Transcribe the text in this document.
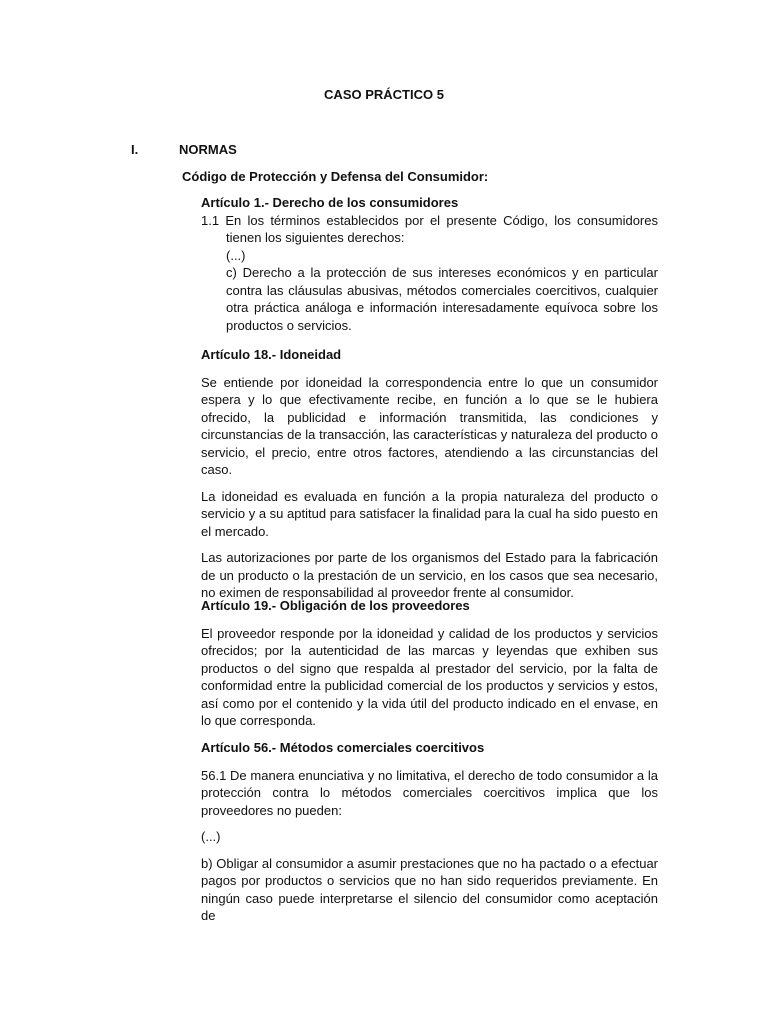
CASO PRÁCTICO 5
I.	NORMAS
Código de Protección y Defensa del Consumidor:
Artículo 1.- Derecho de los consumidores
1.1 En los términos establecidos por el presente Código, los consumidores tienen los siguientes derechos:
(...)
c) Derecho a la protección de sus intereses económicos y en particular contra las cláusulas abusivas, métodos comerciales coercitivos, cualquier otra práctica análoga e información interesadamente equívoca sobre los productos o servicios.
Artículo 18.- Idoneidad
Se entiende por idoneidad la correspondencia entre lo que un consumidor espera y lo que efectivamente recibe, en función a lo que se le hubiera ofrecido, la publicidad e información transmitida, las condiciones y circunstancias de la transacción, las características y naturaleza del producto o servicio, el precio, entre otros factores, atendiendo a las circunstancias del caso.
La idoneidad es evaluada en función a la propia naturaleza del producto o servicio y a su aptitud para satisfacer la finalidad para la cual ha sido puesto en el mercado.
Las autorizaciones por parte de los organismos del Estado para la fabricación de un producto o la prestación de un servicio, en los casos que sea necesario, no eximen de responsabilidad al proveedor frente al consumidor.
Artículo 19.- Obligación de los proveedores
El proveedor responde por la idoneidad y calidad de los productos y servicios ofrecidos; por la autenticidad de las marcas y leyendas que exhiben sus productos o del signo que respalda al prestador del servicio, por la falta de conformidad entre la publicidad comercial de los productos y servicios y estos, así como por el contenido y la vida útil del producto indicado en el envase, en lo que corresponda.
Artículo 56.- Métodos comerciales coercitivos
56.1 De manera enunciativa y no limitativa, el derecho de todo consumidor a la protección contra lo métodos comerciales coercitivos implica que los proveedores no pueden:
(...)
b) Obligar al consumidor a asumir prestaciones que no ha pactado o a efectuar pagos por productos o servicios que no han sido requeridos previamente. En ningún caso puede interpretarse el silencio del consumidor como aceptación de
